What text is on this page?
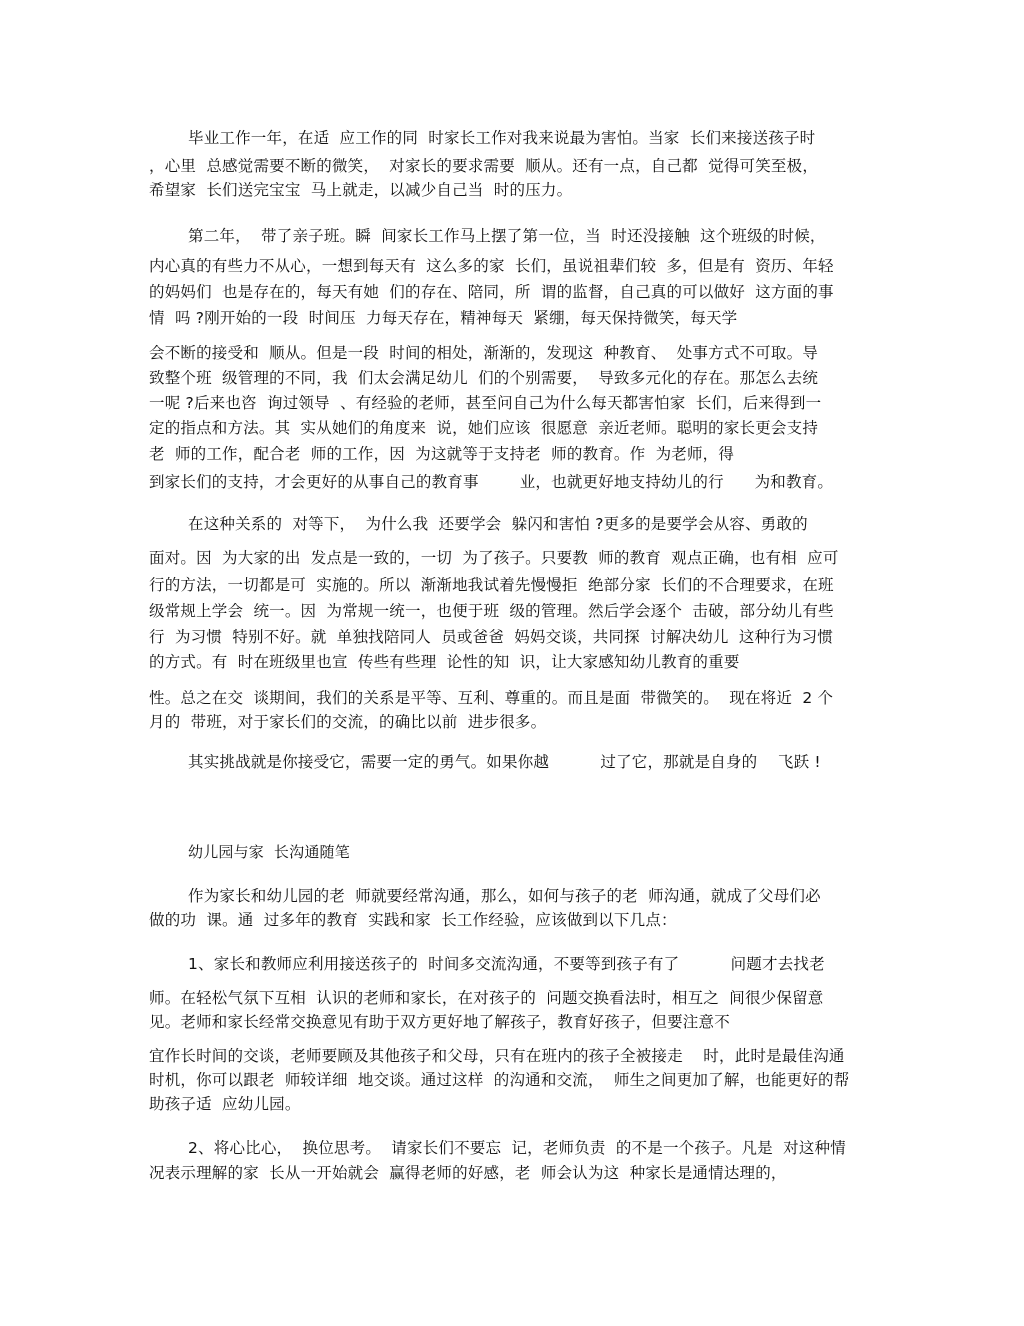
毕业工作一年，在适  应工作的同  时家长工作对我来说最为害怕。当家  长们来接送孩子时
，心里  总感觉需要不断的微笑，  对家长的要求需要  顺从。还有一点，自己都  觉得可笑至极，
希望家  长们送完宝宝  马上就走，以减少自己当  时的压力。
第二年，  带了亲子班。瞬  间家长工作马上摆了第一位，当  时还没接触  这个班级的时候，
内心真的有些力不从心，一想到每天有  这么多的家  长们，虽说祖辈们较  多，但是有  资历、年轻
的妈妈们  也是存在的，每天有她  们的存在、陪同，所  谓的监督，自己真的可以做好  这方面的事
情  吗 ?刚开始的一段  时间压  力每天存在，精神每天  紧绷，每天保持微笑，每天学
会不断的接受和  顺从。但是一段  时间的相处，渐渐的，发现这  种教育、  处事方式不可取。导
致整个班  级管理的不同，我  们太会满足幼儿  们的个别需要，  导致多元化的存在。那怎么去统
一呢 ?后来也咨  询过领导  、有经验的老师，甚至问自己为什么每天都害怕家  长们，后来得到一
定的指点和方法。其  实从她们的角度来  说，她们应该  很愿意  亲近老师。聪明的家长更会支持
老  师的工作，配合老  师的工作，因  为这就等于支持老  师的教育。作  为老师，得
到家长们的支持，才会更好的从事自己的教育事        业，也就更好地支持幼儿的行      为和教育。
在这种关系的  对等下，  为什么我  还要学会  躲闪和害怕 ?更多的是要学会从容、勇敢的
面对。因  为大家的出  发点是一致的，一切  为了孩子。只要教  师的教育  观点正确，也有相  应可
行的方法，一切都是可  实施的。所以  渐渐地我试着先慢慢拒  绝部分家  长们的不合理要求，在班
级常规上学会  统一。因  为常规一统一，也便于班  级的管理。然后学会逐个  击破，部分幼儿有些
行  为习惯  特别不好。就  单独找陪同人  员或爸爸  妈妈交谈，共同探  讨解决幼儿  这种行为习惯
的方式。有  时在班级里也宣  传些有些理  论性的知  识，让大家感知幼儿教育的重要
性。总之在交  谈期间，我们的关系是平等、互利、尊重的。而且是面  带微笑的。  现在将近  2 个
月的  带班，对于家长们的交流，的确比以前  进步很多。
其实挑战就是你接受它，需要一定的勇气。如果你越          过了它，那就是自身的    飞跃 !
幼儿园与家  长沟通随笔
作为家长和幼儿园的老  师就要经常沟通，那么，如何与孩子的老  师沟通，就成了父母们必
做的功  课。通  过多年的教育  实践和家  长工作经验，应该做到以下几点：
1、家长和教师应利用接送孩子的  时间多交流沟通，不要等到孩子有了          问题才去找老
师。在轻松气氛下互相  认识的老师和家长，在对孩子的  问题交换看法时，相互之  间很少保留意
见。老师和家长经常交换意见有助于双方更好地了解孩子，教育好孩子，但要注意不
宜作长时间的交谈，老师要顾及其他孩子和父母，只有在班内的孩子全被接走    时，此时是最佳沟通
时机，你可以跟老  师较详细  地交谈。通过这样  的沟通和交流，  师生之间更加了解，也能更好的帮
助孩子适  应幼儿园。
2、将心比心，  换位思考。  请家长们不要忘  记，老师负责  的不是一个孩子。凡是  对这种情
况表示理解的家  长从一开始就会  赢得老师的好感，老  师会认为这  种家长是通情达理的，
